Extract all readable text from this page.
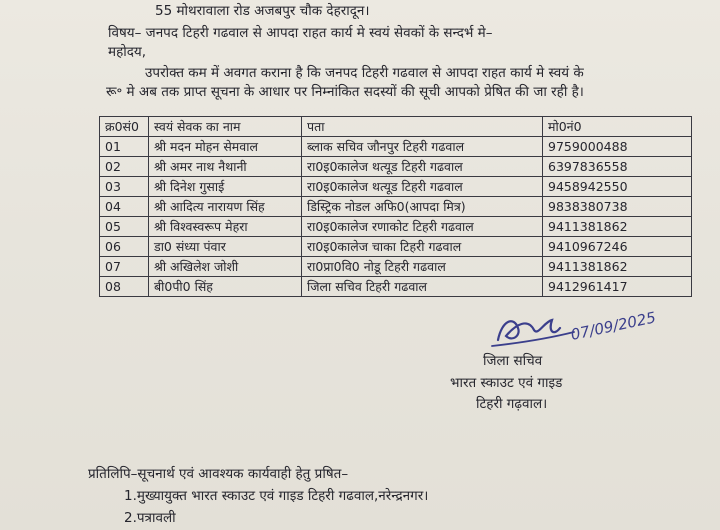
55 मोथरावाला रोड अजबपुर चौक देहरादून।
विषय– जनपद टिहरी गढवाल से आपदा राहत कार्य मे स्वयं सेवकों के सन्दर्भ मे–
महोदय,
उपरोक्त कम में अवगत कराना है कि जनपद टिहरी गढवाल से आपदा राहत कार्य मे स्वयं के
रू॰ मे अब तक प्राप्त सूचना के आधार पर निम्नांकित सदस्यों की सूची आपको प्रेषित की जा रही है।
क्र0सं0	स्वयं सेवक का नाम	पता	मो0नं0
01	श्री मदन मोहन सेमवाल	ब्लाक सचिव जौनपुर टिहरी गढवाल	9759000488
02	श्री अमर नाथ नैथानी	रा0इ0कालेज थत्यूड टिहरी गढवाल	6397836558
03	श्री दिनेश गुसाई	रा0इ0कालेज थत्यूड टिहरी गढवाल	9458942550
04	श्री आदित्य नारायण सिंह	डिस्ट्रिक नोडल अफि0(आपदा मित्र)	9838380738
05	श्री विश्वस्वरूप मेहरा	रा0इ0कालेज रणाकोट टिहरी गढवाल	9411381862
06	डा0 संध्या पंवार	रा0इ0कालेज चाका टिहरी गढवाल	9410967246
07	श्री अखिलेश जोशी	रा0प्रा0वि0 नोडू टिहरी गढवाल	9411381862
08	बी0पी0 सिंह	जिला सचिव टिहरी गढवाल	9412961417
07/09/2025
जिला सचिव
भारत स्काउट एवं गाइड
टिहरी गढ़वाल।
प्रतिलिपि–सूचनार्थ एवं आवश्यक कार्यवाही हेतु प्रषित–
1.मुख्यायुक्त भारत स्काउट एवं गाइड टिहरी गढवाल,नरेन्द्रनगर।
2.पत्रावली
